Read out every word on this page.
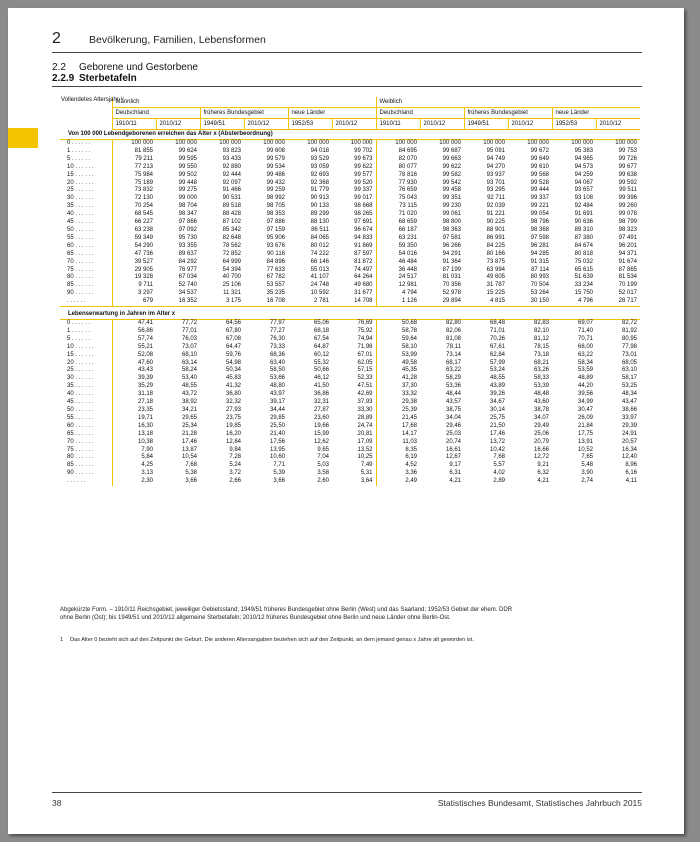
2	Bevölkerung, Familien, Lebensformen
2.2 Geborene und Gestorbene
2.2.9 Sterbetafeln
Vollendetes Altersjahr ¹⁾	Männlich						Weiblich					
	Deutschland		früheres Bundesgebiet		neue Länder		Deutschland		früheres Bundesgebiet		neue Länder	
	1910/11	2010/12	1949/51	2010/12	1952/53	2010/12	1910/11	2010/12	1949/51	2010/12	1952/53	2010/12
Von 100 000 Lebendgeborenen erreichen das Alter x (Absterbeordnung)												
0 . . . . . .	100 000	100 000	100 000	100 000	100 000	100 000	100 000	100 000	100 000	100 000	100 000	100 000
1 . . . . . .	81 855	99 624	93 823	99 608	94 018	99 702	84 695	99 687	95 091	99 672	95 383	99 753
5 . . . . . .	79 211	99 595	93 433	99 579	93 529	99 673	82 070	99 663	94 749	99 649	94 965	99 726
10 . . . . . .	77 213	99 550	92 880	99 534	93 059	99 622	80 077	99 622	94 270	99 610	94 573	99 677
15 . . . . . .	75 984	99 502	92 444	99 486	92 693	99 577	78 816	99 582	93 937	99 568	94 259	99 638
20 . . . . . .	75 189	99 448	92 097	99 432	92 368	99 520	77 930	99 542	93 701	99 528	94 067	99 592
25 . . . . . .	73 832	99 275	91 466	99 259	91 779	99 337	76 659	99 458	93 295	99 444	93 657	99 511
30 . . . . . .	72 130	99 000	90 531	98 992	90 913	99 017	75 043	99 351	92 711	99 337	93 108	99 396
35 . . . . . .	70 254	98 704	89 518	98 705	90 133	98 668	73 115	99 230	92 039	99 221	92 484	99 260
40 . . . . . .	68 545	98 347	88 428	98 353	89 299	98 265	71 020	99 061	91 221	99 054	91 691	99 078
45 . . . . . .	66 227	97 866	87 102	97 886	88 130	97 691	68 659	98 800	90 225	98 796	90 636	98 799
50 . . . . . .	63 238	97 092	85 342	97 159	86 511	96 674	66 187	98 363	88 901	98 368	89 310	98 323
55 . . . . . .	59 349	95 730	82 648	95 906	84 065	94 833	63 231	97 581	86 991	97 598	87 380	97 491
60 . . . . . .	54 290	93 355	78 562	93 676	80 012	91 869	59 350	96 266	84 225	96 281	84 674	96 201
65 . . . . . .	47 736	89 637	72 852	90 116	74 222	87 597	54 016	94 291	80 166	94 285	80 818	94 371
70 . . . . . .	39 527	84 292	64 999	84 896	66 146	81 872	46 484	91 364	73 875	91 315	75 032	91 674
75 . . . . . .	29 905	76 977	54 394	77 633	55 013	74 497	36 448	87 199	63 994	87 114	65 615	87 865
80 . . . . . .	19 328	67 034	40 700	67 782	41 107	64 264	24 517	81 031	49 605	80 993	51 639	81 534
85 . . . . . .	9 711	52 740	25 106	53 557	24 748	49 680	12 981	70 356	31 787	70 504	33 234	70 199
90 . . . . . .	3 297	34 537	11 321	35 235	10 592	31 677	4 794	52 978	15 225	53 264	15 750	52 017
. . . . . .	679	16 352	3 175	16 708	2 781	14 708	1 126	29 894	4 815	30 150	4 796	28 717

Lebenserwartung in Jahren im Alter x												
0 . . . . . .	47,41	77,72	64,56	77,97	65,06	76,69	50,68	82,80	68,48	82,83	69,07	82,72
1 . . . . . .	56,86	77,01	67,80	77,27	68,18	75,92	58,78	82,06	71,01	82,10	71,40	81,92
5 . . . . . .	57,74	76,03	67,08	76,30	67,54	74,94	59,64	81,08	70,26	81,12	70,71	80,95
10 . . . . . .	55,21	73,07	64,47	73,33	64,87	71,98	58,10	78,11	67,61	78,15	68,00	77,98
15 . . . . . .	52,08	68,10	59,76	68,36	60,12	67,01	53,99	73,14	62,84	73,18	63,22	73,01
20 . . . . . .	47,60	63,14	54,98	63,40	55,32	62,05	49,58	68,17	57,99	68,21	58,34	68,05
25 . . . . . .	43,43	58,24	50,34	58,50	50,66	57,15	45,35	63,22	53,24	63,26	53,59	63,10
30 . . . . . .	39,39	53,40	45,83	53,66	46,12	52,33	41,28	58,29	48,55	58,33	48,89	58,17
35 . . . . . .	35,29	48,55	41,32	48,80	41,50	47,51	37,30	53,36	43,89	53,39	44,20	53,25
40 . . . . . .	31,18	43,72	36,80	43,97	36,86	42,69	33,32	48,44	39,26	48,48	39,56	48,34
45 . . . . . .	27,18	38,92	32,32	39,17	32,31	37,93	29,38	43,57	34,67	43,60	34,99	43,47
50 . . . . . .	23,35	34,21	27,93	34,44	27,87	33,30	25,39	38,75	30,14	38,78	30,47	38,66
55 . . . . . .	19,71	29,65	23,75	29,85	23,60	28,89	21,45	34,04	25,75	34,07	26,09	33,97
60 . . . . . .	16,30	25,34	19,85	25,50	19,66	24,74	17,68	29,46	21,50	29,49	21,84	29,39
65 . . . . . .	13,18	21,28	16,20	21,40	15,99	20,81	14,17	25,03	17,46	25,06	17,75	24,91
70 . . . . . .	10,38	17,46	12,84	17,56	12,62	17,09	11,03	20,74	13,72	20,79	13,91	20,57
75 . . . . . .	7,90	13,87	9,84	13,95	9,65	13,52	8,35	16,61	10,42	16,66	10,52	16,34
80 . . . . . .	5,84	10,54	7,28	10,60	7,04	10,25	6,19	12,67	7,68	12,72	7,65	12,40
85 . . . . . .	4,25	7,68	5,24	7,71	5,03	7,49	4,52	9,17	5,57	9,21	5,48	8,96
90 . . . . . .	3,13	5,38	3,72	5,39	3,58	5,31	3,36	6,31	4,02	6,32	3,90	6,16
. . . . . .	2,30	3,66	2,66	3,66	2,60	3,64	2,49	4,21	2,89	4,21	2,74	4,11
Abgekürzte Form. – 1910/11 Reichsgebiet, jeweiliger Gebietsstand; 1949/51 früheres Bundesgebiet ohne Berlin (West) und das Saarland; 1952/53 Gebiet der ehem. DDR ohne Berlin (Ost); bis 1949/51 und 2010/12 allgemeine Sterbetafeln; 2010/12 früheres Bundesgebiet ohne Berlin und neue Länder ohne Berlin-Ost.
1 Das Alter 0 bezieht sich auf den Zeitpunkt der Geburt. Die anderen Altersangaben beziehen sich auf den Zeitpunkt, an dem jemand genau x Jahre alt geworden ist.
38	Statistisches Bundesamt, Statistisches Jahrbuch 2015
